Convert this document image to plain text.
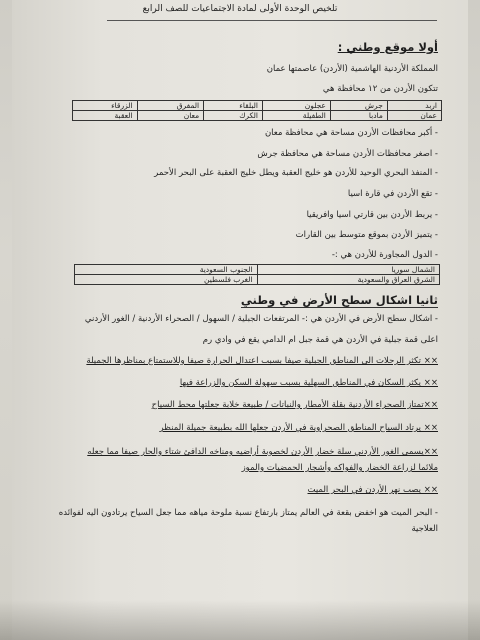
تلخيص الوحدة الأولى لمادة الاجتماعيات للصف الرابع
أولا موقع وطني :
المملكة الأردنية الهاشمية (الأردن) عاصمتها عمان
تتكون الأردن من ١٢ محافظة هي
اربد	جرش	عجلون	البلقاء	المفرق	الزرقاء
عمان	مادبا	الطفيلة	الكرك	معان	العقبة
- أكبر محافظات الأردن مساحة هي محافظة معان
- اصغر محافظات الأردن مساحة هي محافظة جرش
- المنفذ البحري الوحيد للأردن هو خليج العقبة ويطل خليج العقبة على البحر الأحمر
- تقع الأردن في قارة اسيا
- يربط الأردن بين قارتي اسيا وافريقيا
- يتميز الأردن بموقع متوسط بين القارات
- الدول المجاورة للأردن هي :-
الشمال سوريا	الجنوب السعودية
الشرق العراق والسعودية	الغرب فلسطين
ثانيا اشكال سطح الأرض في وطني
- اشكال سطح الأرض في الأردن هي :- المرتفعات الجبلية / السهول / الصحراء الأردنية / الغور الأردني
اعلى قمة جبلية في الأردن هي قمة جبل ام الدامي يقع في وادي رم
×× تكثر الرحلات الى المناطق الجبلية صيفا بسبب اعتدال الحرارة صيفا وللاستمتاع بمناظرها الجميلة
×× يكثر السكان في المناطق السهلية بسبب سهولة السكن والزراعة فيها
××تمتاز الصحراء الأردنية بقلة الأمطار والنباتات / طبيعة خلابة جعلتها محط السياح
×× يرتاد السياح المناطق الصحراوية في الأردن جعلها الله بطبيعة جميلة المنظر
××يسمى الغور الأردني سلة خضار الأردن لخصوبة أراضيه ومناخه الدافئ شتاء والحار صيفا مما جعله
ملائما لزراعة الخضار والفواكه وأشجار الحمضيات والموز
×× يصب نهر الأردن في البحر الميت
- البحر الميت هو اخفض بقعة في العالم يمتاز بارتفاع نسبة ملوحة مياهه مما جعل السياح يرتادون اليه لفوائده
العلاجية
